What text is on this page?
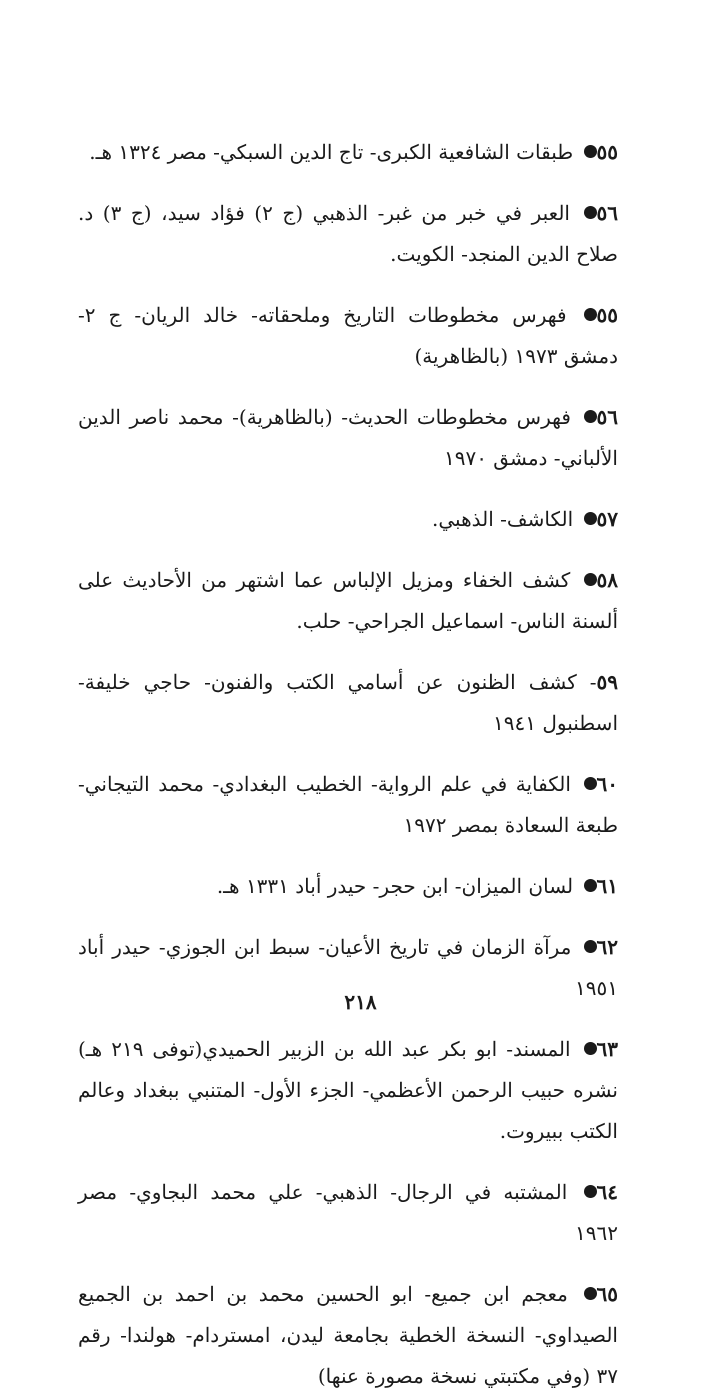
٥٥ طبقات الشافعية الكبرى- تاج الدين السبكي- مصر ١٣٢٤ هـ.

٥٦ العبر في خبر من غبر- الذهبي (ج ٢) فؤاد سيد، (ج ٣) د. صلاح الدين المنجد- الكويت.

٥٥ فهرس مخطوطات التاريخ وملحقاته- خالد الريان- ج ٢- دمشق ١٩٧٣ (بالظاهرية)

٥٦ فهرس مخطوطات الحديث- (بالظاهرية)- محمد ناصر الدين الألباني- دمشق ١٩٧٠

٥٧ الكاشف- الذهبي.

٥٨ كشف الخفاء ومزيل الإلباس عما اشتهر من الأحاديث على ألسنة الناس- اسماعيل الجراحي- حلب.

٥٩- كشف الظنون عن أسامي الكتب والفنون- حاجي خليفة- اسطنبول ١٩٤١

٦٠ الكفاية في علم الرواية- الخطيب البغدادي- محمد التيجاني- طبعة السعادة بمصر ١٩٧٢

٦١ لسان الميزان- ابن حجر- حيدر أباد ١٣٣١ هـ.

٦٢ مرآة الزمان في تاريخ الأعيان- سبط ابن الجوزي- حيدر أباد ١٩٥١

٦٣ المسند- ابو بكر عبد الله بن الزبير الحميدي(توفى ٢١٩ هـ) نشره حبيب الرحمن الأعظمي- الجزء الأول- المتنبي ببغداد وعالم الكتب ببيروت.

٦٤ المشتبه في الرجال- الذهبي- علي محمد البجاوي- مصر ١٩٦٢

٦٥ معجم ابن جميع- ابو الحسين محمد بن احمد بن الجميع الصيداوي- النسخة الخطية بجامعة ليدن، امستردام- هولندا- رقم ٣٧ (وفي مكتبتي نسخة مصورة عنها)

٢١٨
